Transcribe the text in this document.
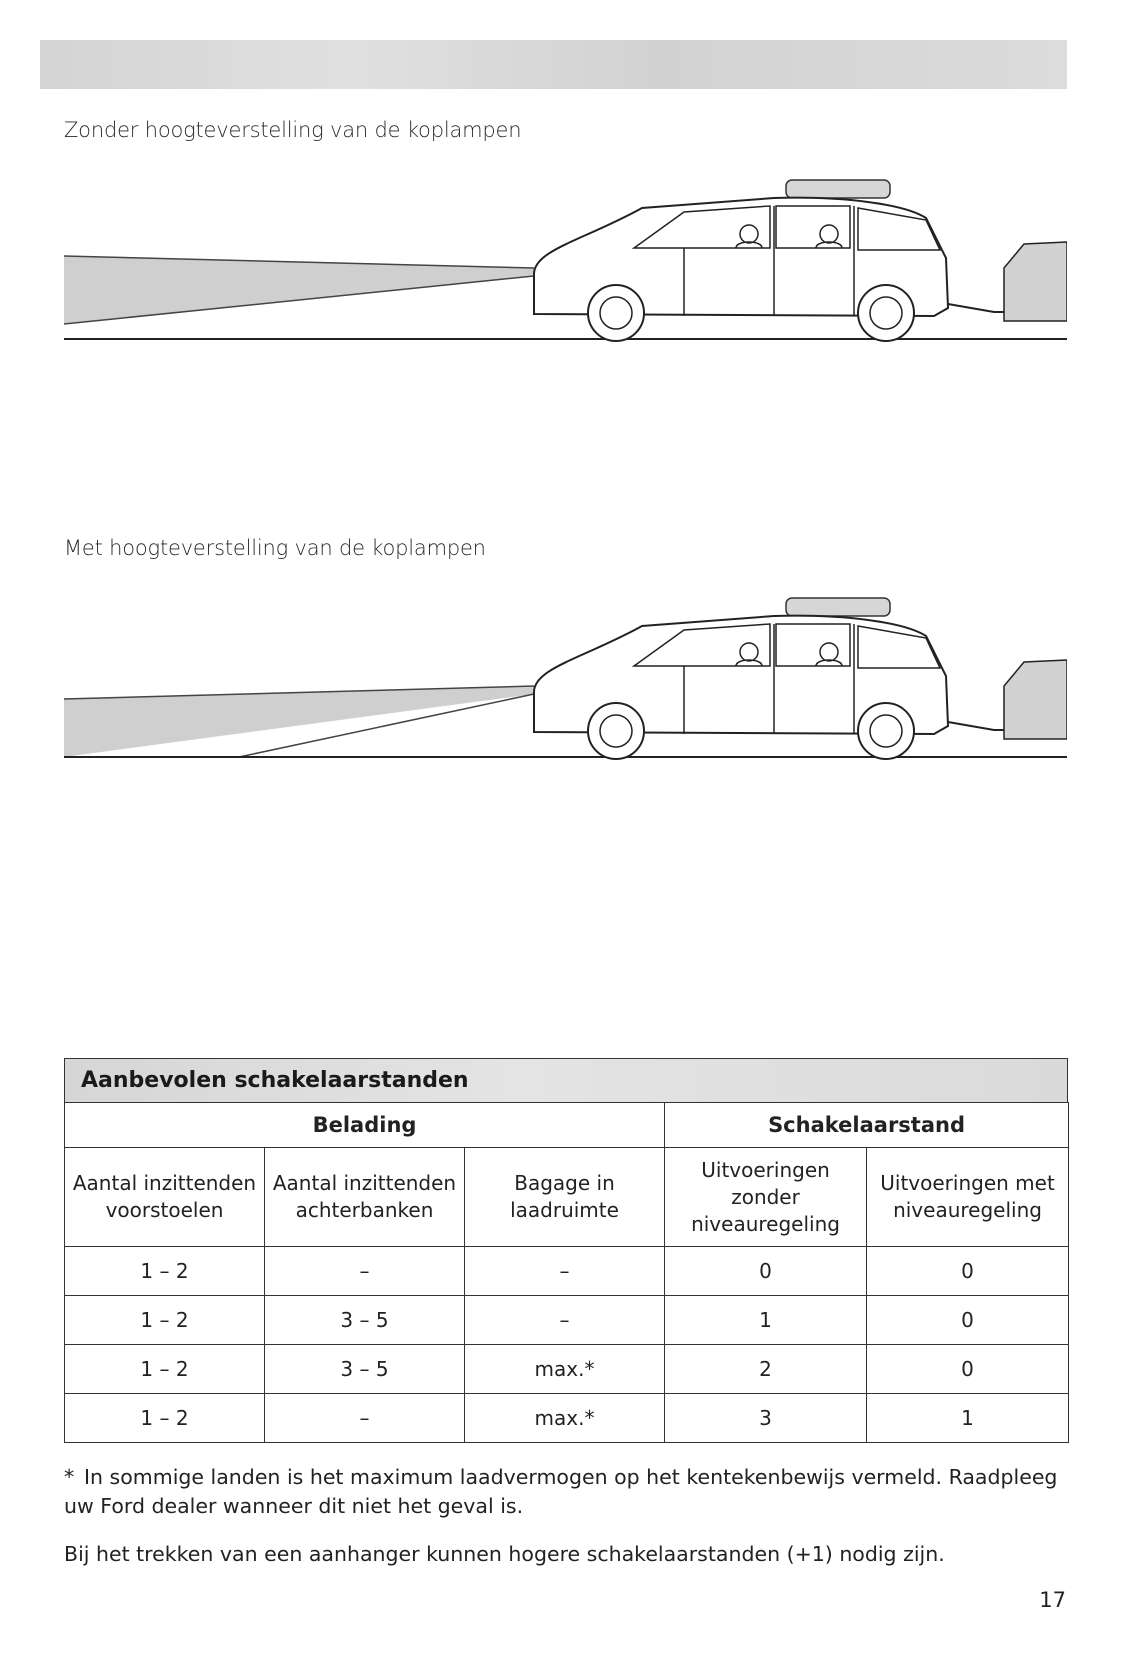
Zonder hoogteverstelling van de koplampen
Met hoogteverstelling van de koplampen
Aanbevolen schakelaarstanden
Belading			Schakelaarstand	
Aantal inzittenden voorstoelen	Aantal inzittenden achterbanken	Bagage in laadruimte	Uitvoeringen zonder niveauregeling	Uitvoeringen met niveauregeling
1 – 2	–	–	0	0
1 – 2	3 – 5	–	1	0
1 – 2	3 – 5	max.*	2	0
1 – 2	–	max.*	3	1
* In sommige landen is het maximum laadvermogen op het kentekenbewijs vermeld. Raadpleeg uw Ford dealer wanneer dit niet het geval is.
Bij het trekken van een aanhanger kunnen hogere schakelaarstanden (+1) nodig zijn.
17
